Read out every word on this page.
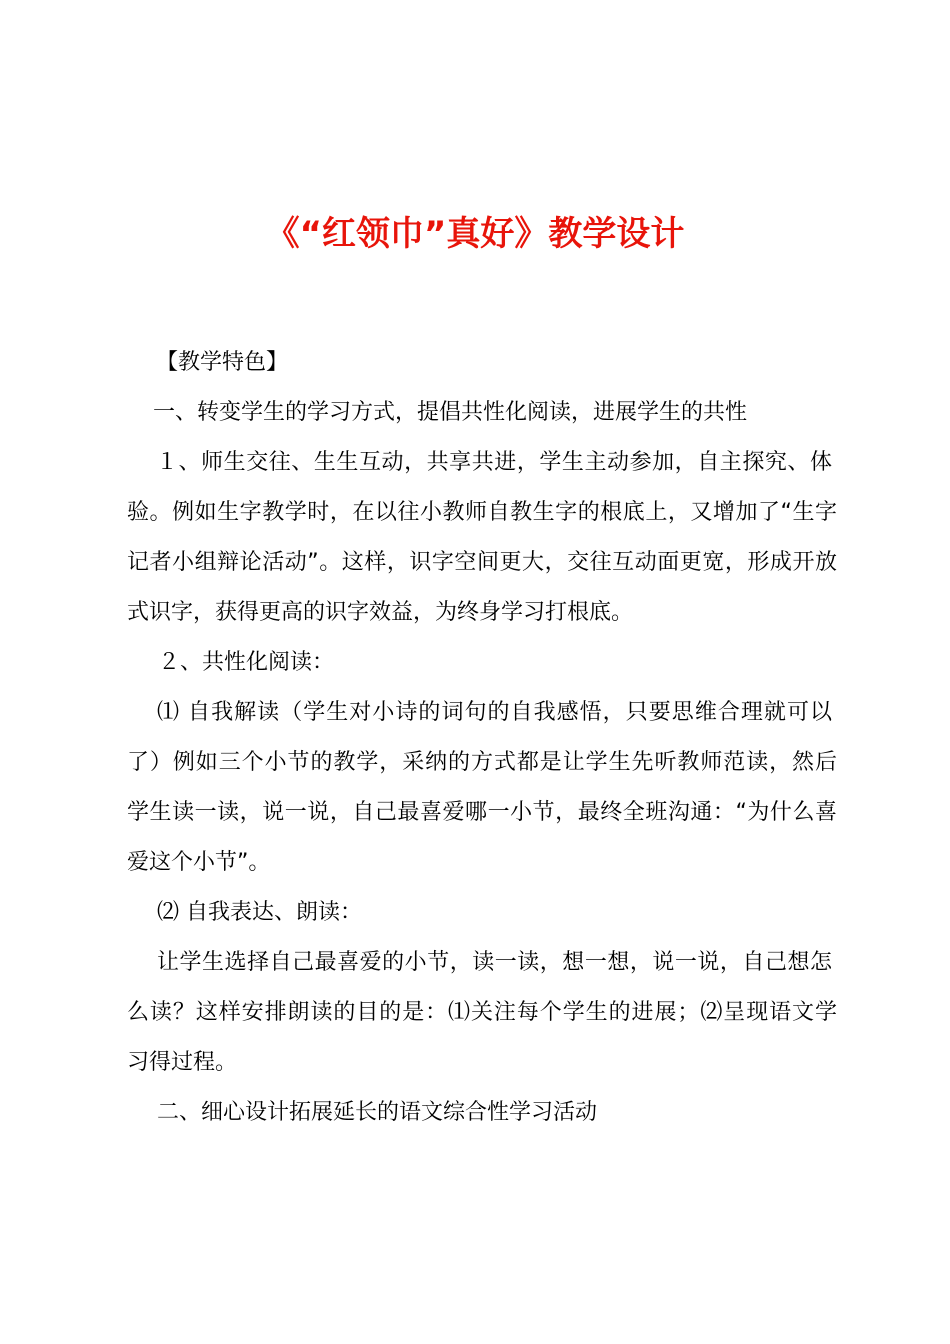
《“红领巾”真好》教学设计
【教学特色】
一、转变学生的学习方式，提倡共性化阅读，进展学生的共性
１、师生交往、生生互动，共享共进，学生主动参加，自主探究、体
验。例如生字教学时，在以往小教师自教生字的根底上，又增加了“生字
记者小组辩论活动”。这样，识字空间更大，交往互动面更宽，形成开放
式识字，获得更高的识字效益，为终身学习打根底。
２、共性化阅读：
⑴ 自我解读（学生对小诗的词句的自我感悟，只要思维合理就可以
了）例如三个小节的教学，采纳的方式都是让学生先听教师范读，然后
学生读一读，说一说，自己最喜爱哪一小节，最终全班沟通：“为什么喜
爱这个小节”。
⑵ 自我表达、朗读：
让学生选择自己最喜爱的小节，读一读，想一想，说一说，自己想怎
么读？这样安排朗读的目的是：⑴关注每个学生的进展；⑵呈现语文学
习得过程。
二、细心设计拓展延长的语文综合性学习活动
